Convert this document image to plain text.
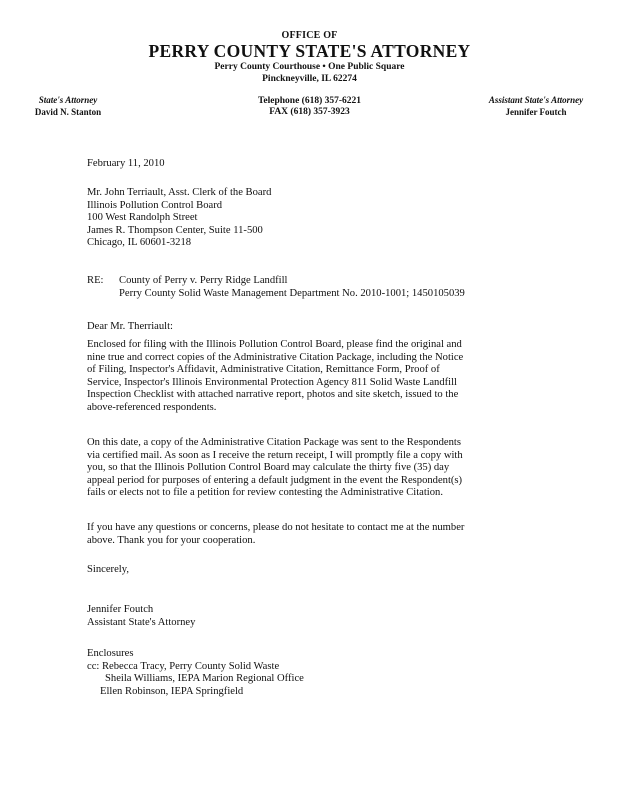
OFFICE OF
PERRY COUNTY STATE'S ATTORNEY
Perry County Courthouse • One Public Square
Pinckneyville, IL 62274
State's Attorney
David N. Stanton
Telephone (618) 357-6221
FAX (618) 357-3923
Assistant State's Attorney
Jennifer Foutch
February 11, 2010
Mr. John Terriault, Asst. Clerk of the Board
Illinois Pollution Control Board
100 West Randolph Street
James R. Thompson Center, Suite 11-500
Chicago, IL 60601-3218
RE: County of Perry v. Perry Ridge Landfill
Perry County Solid Waste Management Department No. 2010-1001; 1450105039
Dear Mr. Therriault:
Enclosed for filing with the Illinois Pollution Control Board, please find the original and
nine true and correct copies of the Administrative Citation Package, including the Notice
of Filing, Inspector's Affidavit, Administrative Citation, Remittance Form, Proof of
Service, Inspector's Illinois Environmental Protection Agency 811 Solid Waste Landfill
Inspection Checklist with attached narrative report, photos and site sketch, issued to the
above-referenced respondents.
On this date, a copy of the Administrative Citation Package was sent to the Respondents
via certified mail. As soon as I receive the return receipt, I will promptly file a copy with
you, so that the Illinois Pollution Control Board may calculate the thirty five (35) day
appeal period for purposes of entering a default judgment in the event the Respondent(s)
fails or elects not to file a petition for review contesting the Administrative Citation.
If you have any questions or concerns, please do not hesitate to contact me at the number
above. Thank you for your cooperation.
Sincerely,
Jennifer Foutch
Assistant State's Attorney
Enclosures
cc: Rebecca Tracy, Perry County Solid Waste
Sheila Williams, IEPA Marion Regional Office
Ellen Robinson, IEPA Springfield
